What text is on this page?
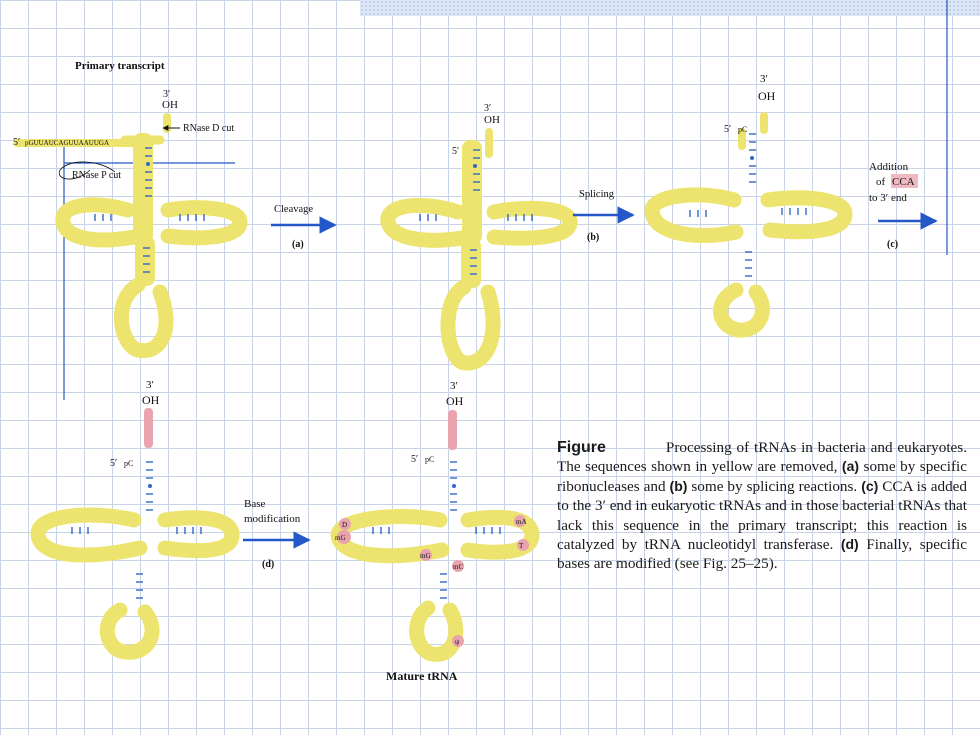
Primary transcript
3′
OH
5′ pGUUAUCAGUUAAUUGA
RNase D cut
RNase P cut
Cleavage
(a)
3′
OH
5′
Splicing
(b)
3′
OH
5′ pC
Addition
of CCA
to 3′ end
(c)
3′
OH
5′ pC
Base
modification
(d)
3′
OH
5′ pC
mG
D
mG
mC
mA
T
ψ
Mature tRNA
Figure	Processing of tRNAs in bacteria and eukaryotes. The sequences shown in yellow are removed, (a) some by specific ribonucleases and (b) some by splicing reactions. (c) CCA is added to the 3′ end in eukaryotic tRNAs and in those bacterial tRNAs that lack this sequence in the primary transcript; this reaction is catalyzed by tRNA nucleotidyl transferase. (d) Finally, specific bases are modified (see Fig. 25–25).
